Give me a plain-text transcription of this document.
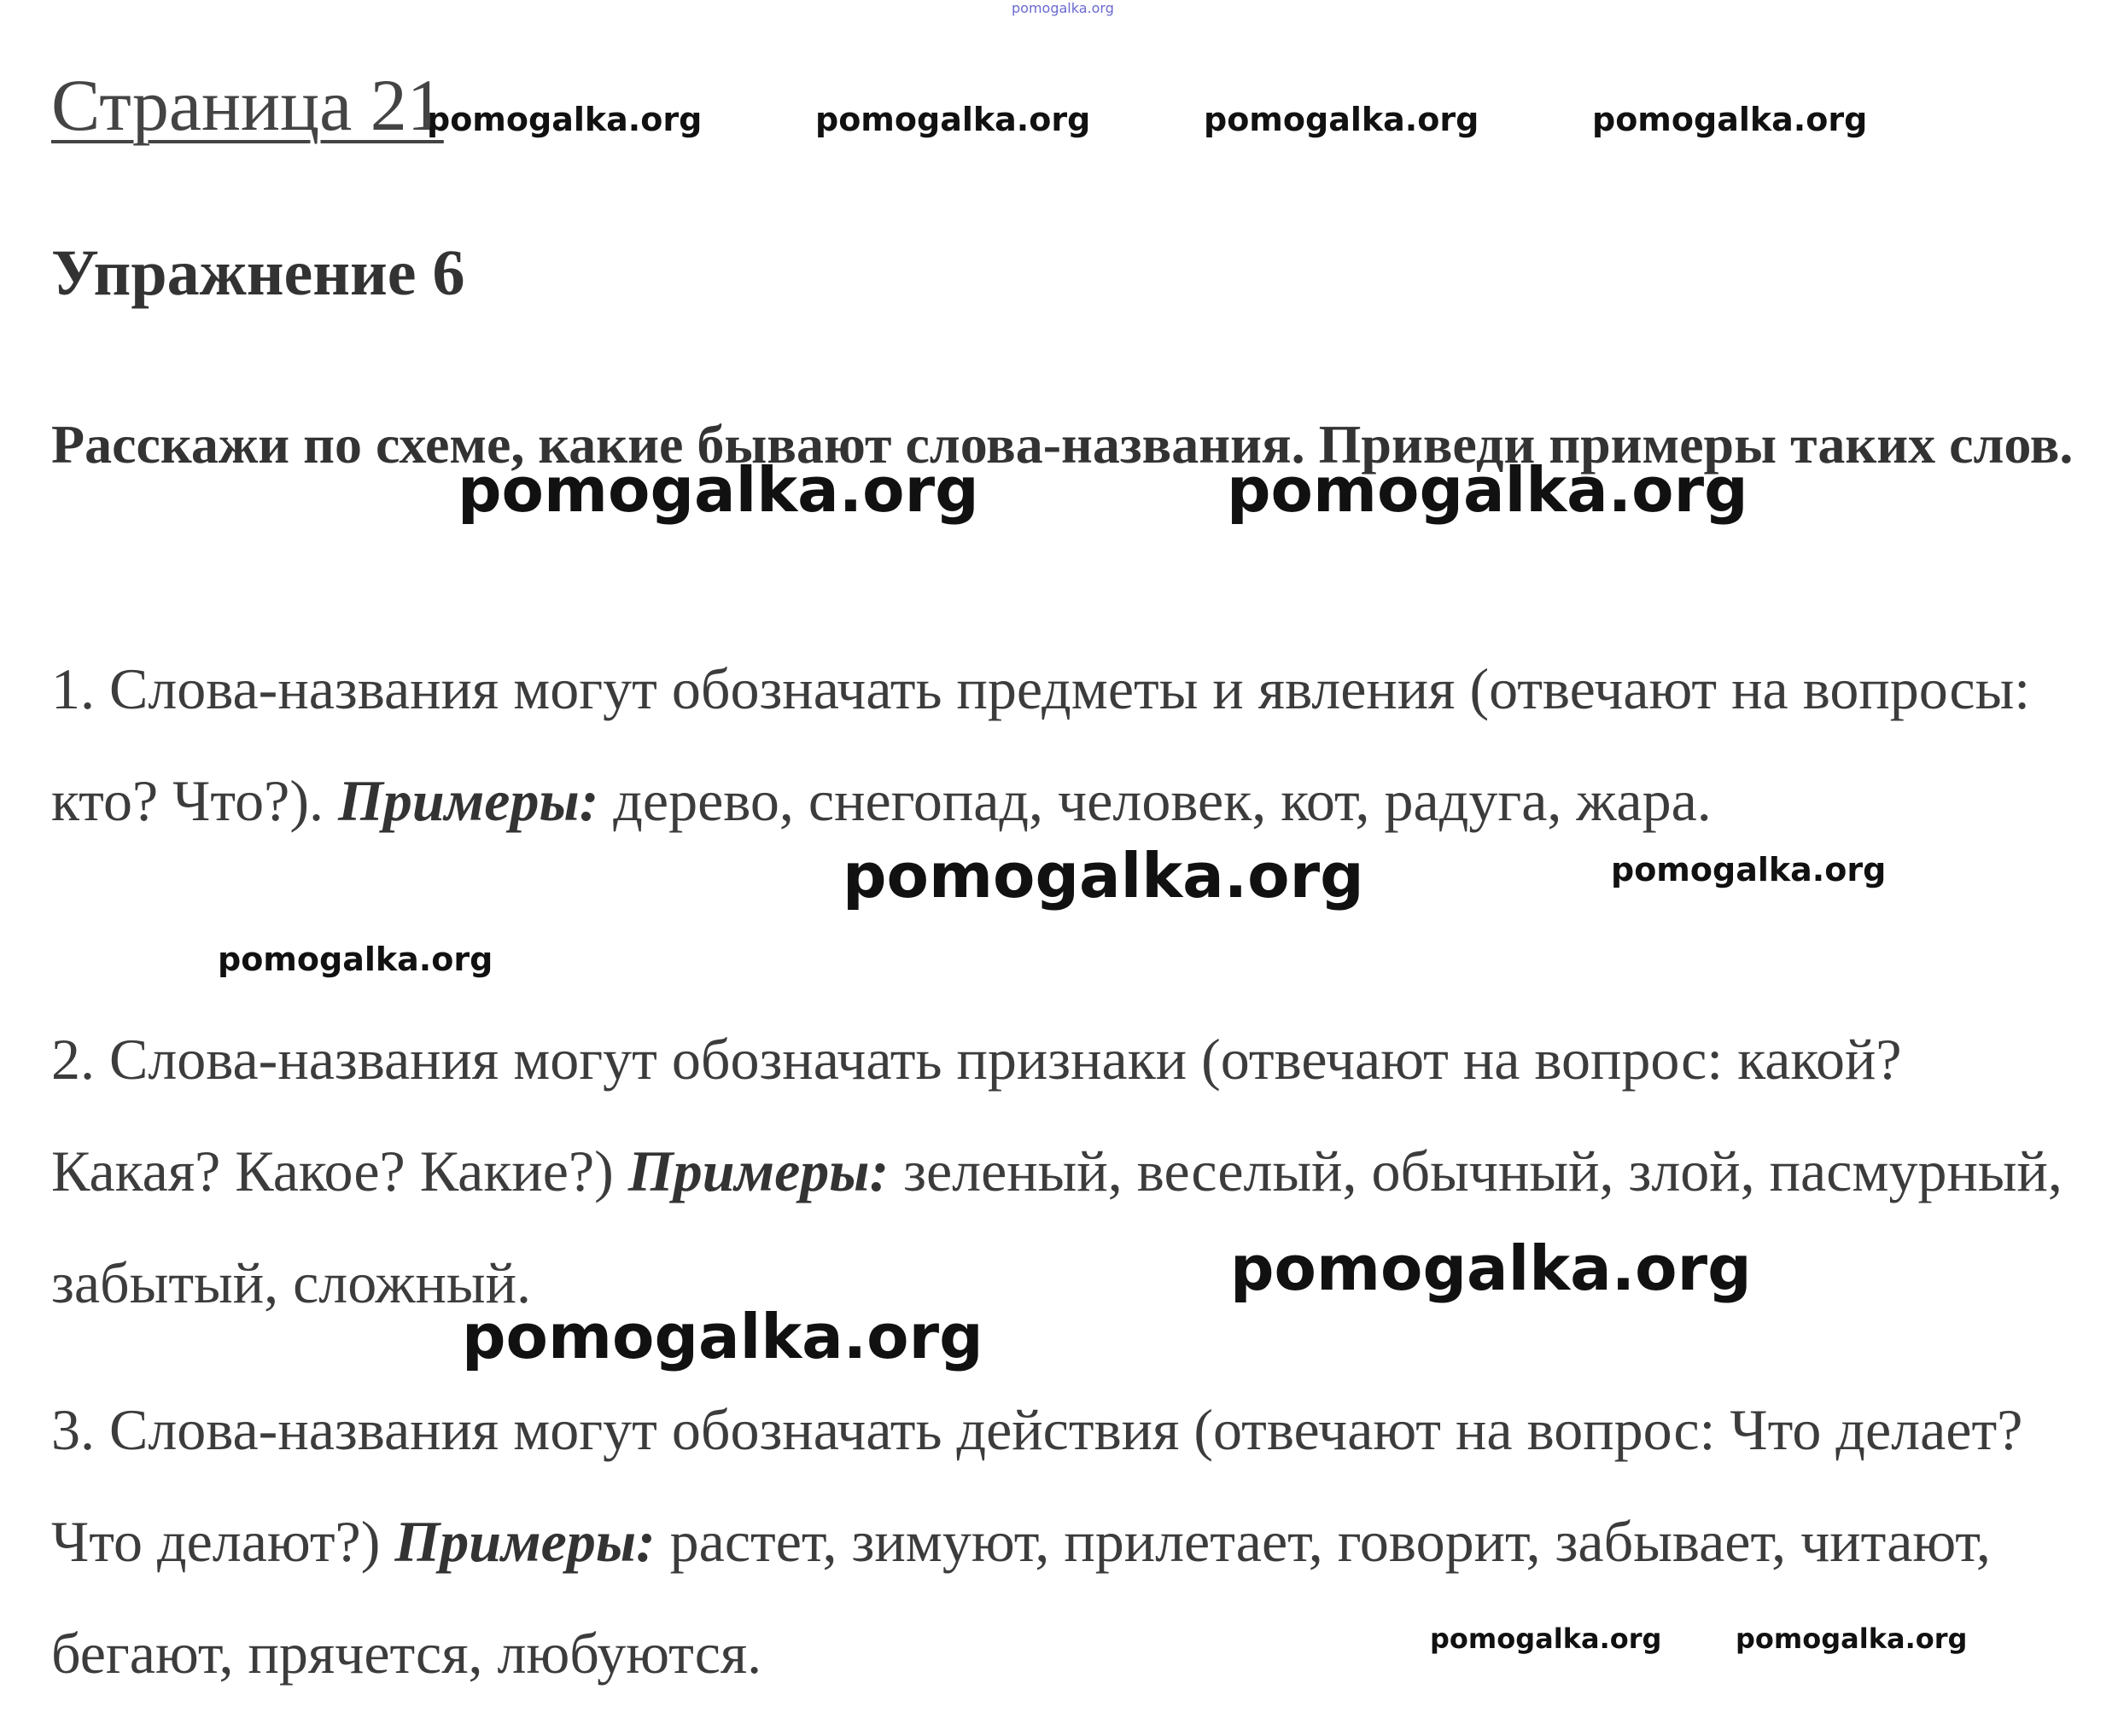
pomogalka.org
Страница 21
pomogalka.org	pomogalka.org	pomogalka.org	pomogalka.org
Упражнение 6

Расскажи по схеме, какие бывают слова-названия. Приведи примеры таких слов.

1. Слова-названия могут обозначать предметы и явления (отвечают на вопросы: кто? Что?). Примеры: дерево, снегопад, человек, кот, радуга, жара.

2. Слова-названия могут обозначать признаки (отвечают на вопрос: какой? Какая? Какое? Какие?) Примеры: зеленый, веселый, обычный, злой, пасмурный, забытый, сложный.

3. Слова-названия могут обозначать действия (отвечают на вопрос: Что делает? Что делают?) Примеры: растет, зимуют, прилетает, говорит, забывает, читают, бегают, прячется, любуются.

pomogalka.org	pomogalka.org
pomogalka.org	pomogalka.org
pomogalka.org
pomogalka.org
pomogalka.org
pomogalka.org	pomogalka.org
